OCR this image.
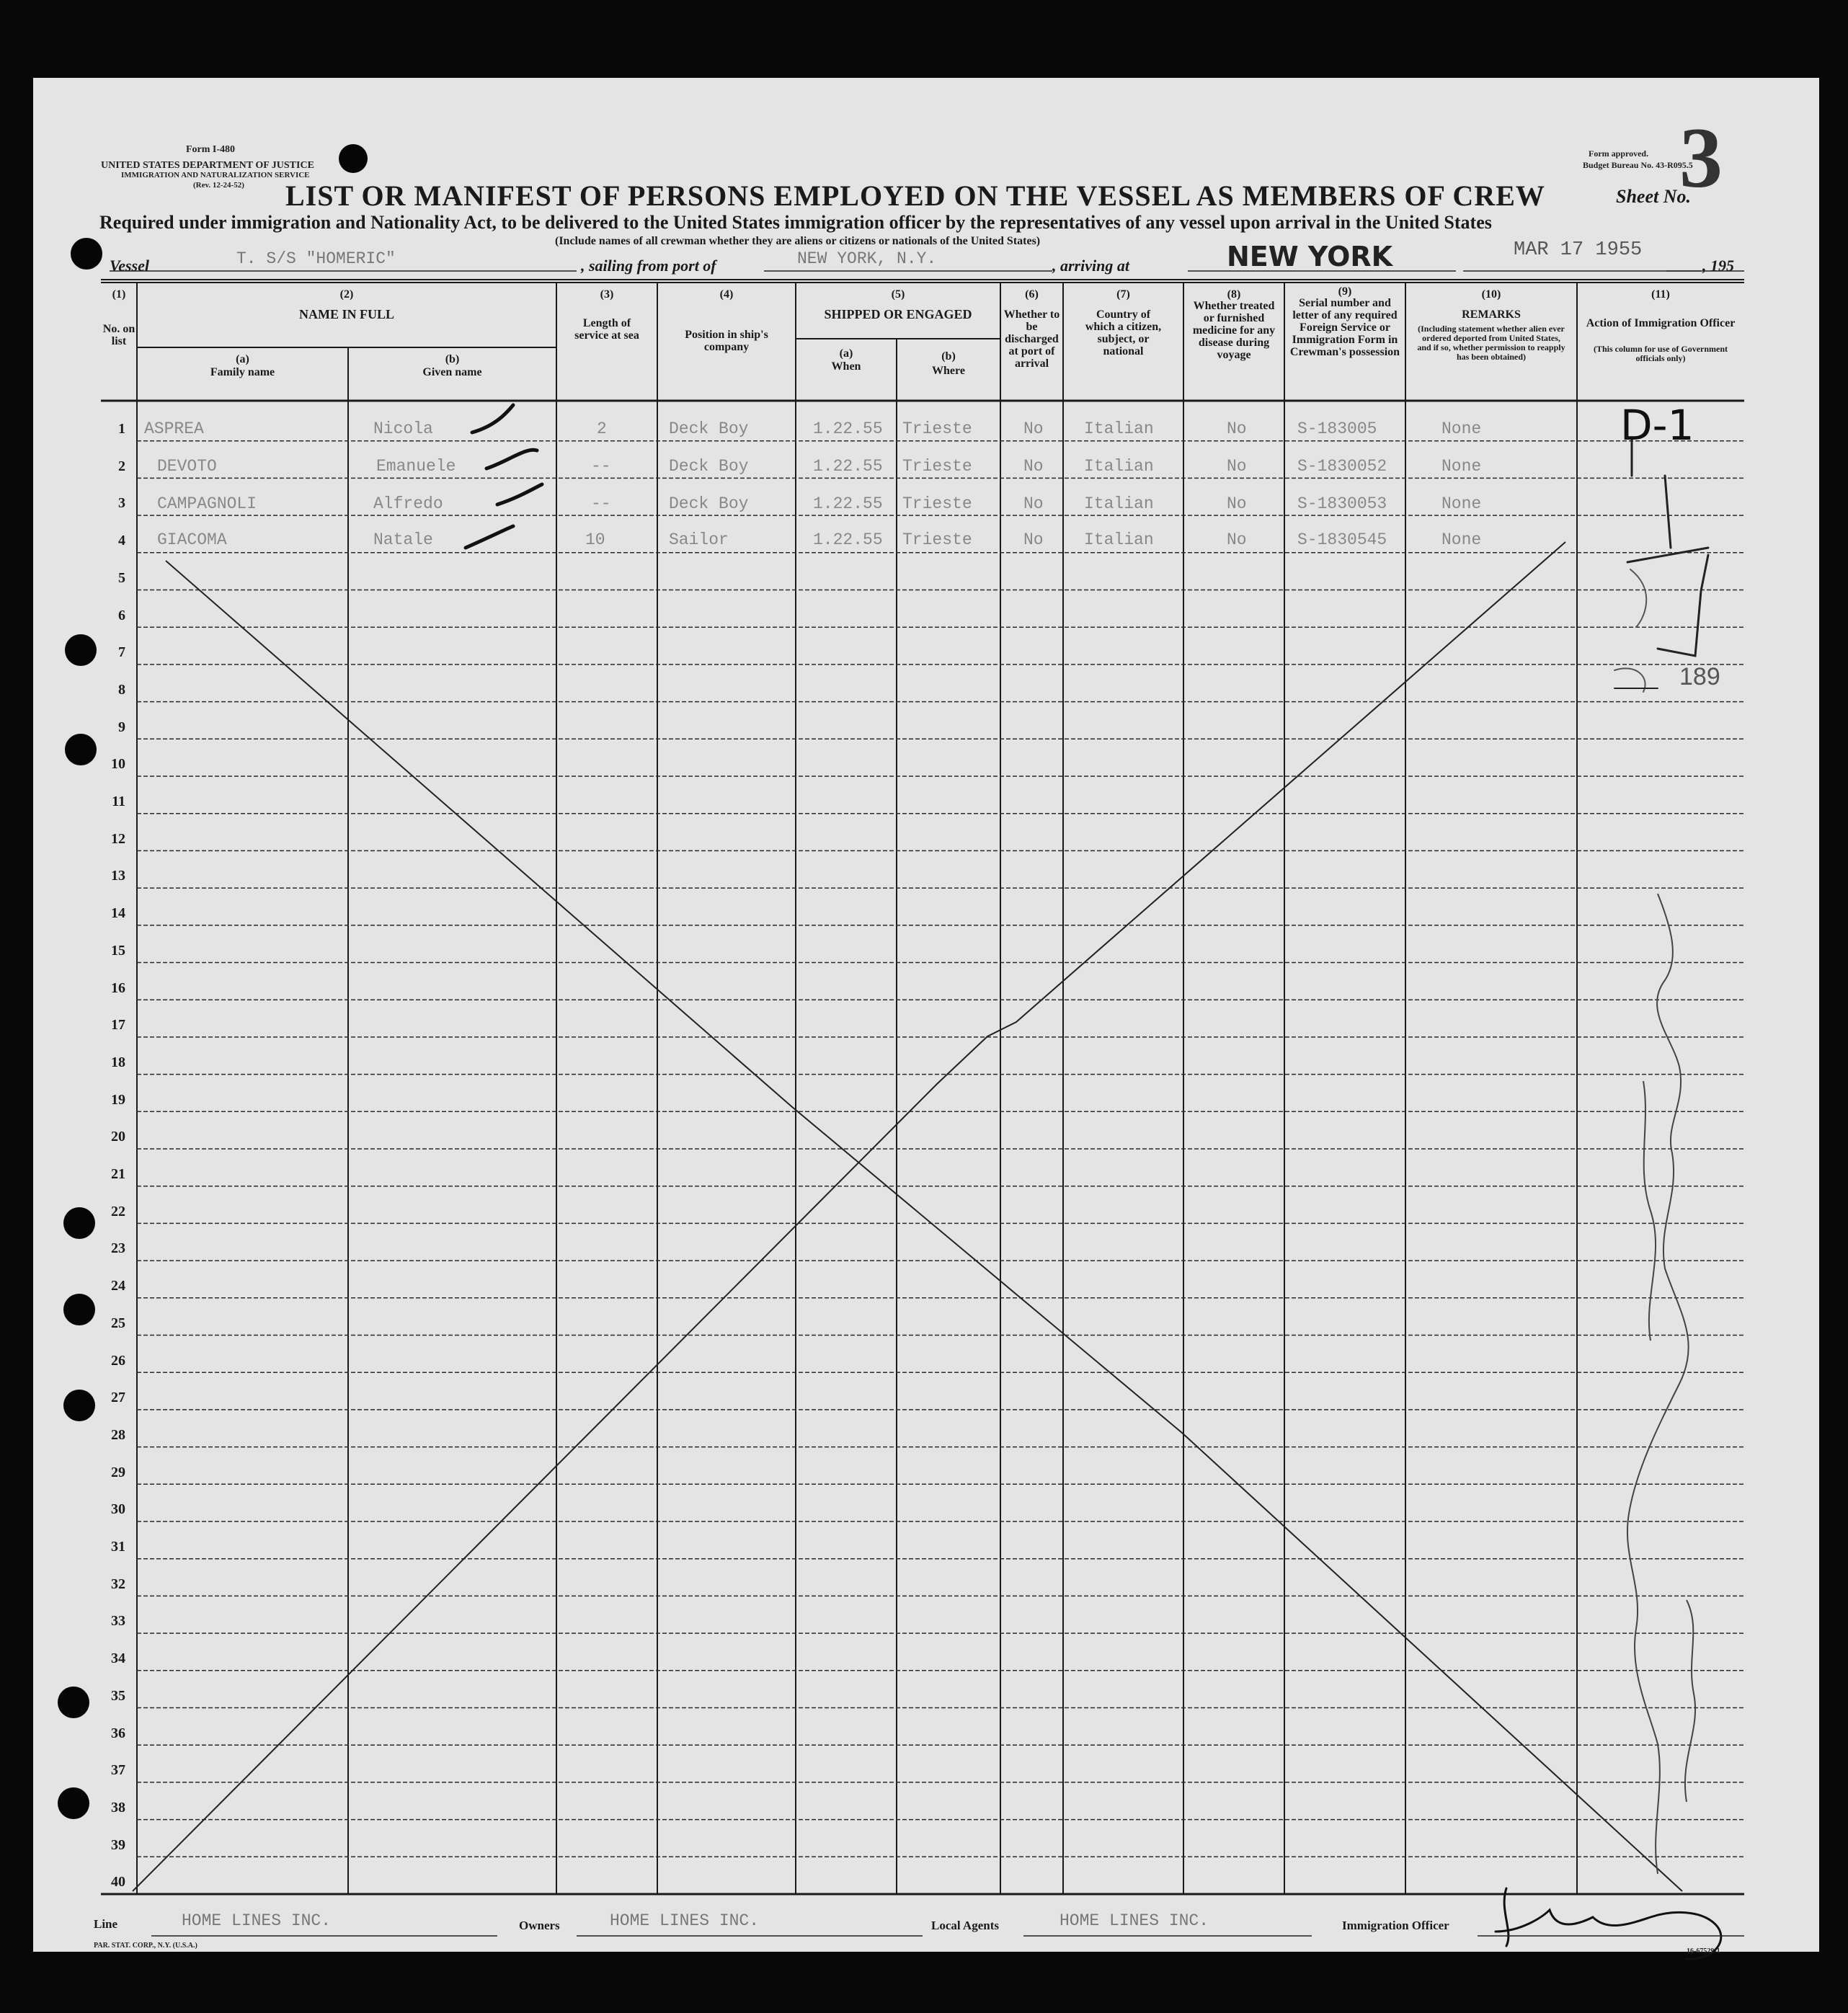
Form I-480
UNITED STATES DEPARTMENT OF JUSTICE
IMMIGRATION AND NATURALIZATION SERVICE
(Rev. 12-24-52)
Form approved.
Budget Bureau No. 43-R095.5
LIST OR MANIFEST OF PERSONS EMPLOYED ON THE VESSEL AS MEMBERS OF CREW	Sheet No.
3
Required under immigration and Nationality Act, to be delivered to the United States immigration officer by the representatives of any vessel upon arrival in the United States
(Include names of all crewman whether they are aliens or citizens or nationals of the United States)
Vessel	T. S/S "HOMERIC"	, sailing from port of	NEW YORK, N.Y.	, arriving at	NEW YORK	MAR 17 1955
, 195
(1)
No. on list
(2)
NAME IN FULL
(a)
Family name
(b)
Given name
(3)
Length of service at sea
(4)
Position in ship's company
(5)
SHIPPED OR ENGAGED
(a)
When
(b)
Where
(6)
Whether to be discharged at port of arrival
(7)
Country of which a citizen, subject, or national
(8)
Whether treated or furnished medicine for any disease during voyage
(9)
Serial number and letter of any required Foreign Service or Immigration Form in Crewman's possession
(10)
REMARKS
(Including statement whether alien ever ordered deported from United States, and if so, whether permission to reapply has been obtained)
(11)
Action of Immigration Officer
(This column for use of Government officials only)
1
2
3
4
5
6
7
8
9
10
11
12
13
14
15
16
17
18
19
20
21
22
23
24
25
26
27
28
29
30
31
32
33
34
35
36
37
38
39
40
ASPREA	Nicola	2	Deck Boy	1.22.55 Trieste	No Italian	No	S-183005	None
DEVOTO	Emanuele	--	Deck Boy	1.22.55 Trieste	No Italian	No	S-1830052	None
CAMPAGNOLI	Alfredo	--	Deck Boy	1.22.55 Trieste	No Italian	No	S-1830053	None
GIACOMA	Natale	10	Sailor	1.22.55 Trieste	No Italian	No	S-1830545	None
D-1
189
Line	HOME LINES INC.	Owners	HOME LINES INC.	Local Agents	HOME LINES INC.	Immigration Officer
PAR. STAT. CORP., N.Y. (U.S.A.)
16-67529-1
